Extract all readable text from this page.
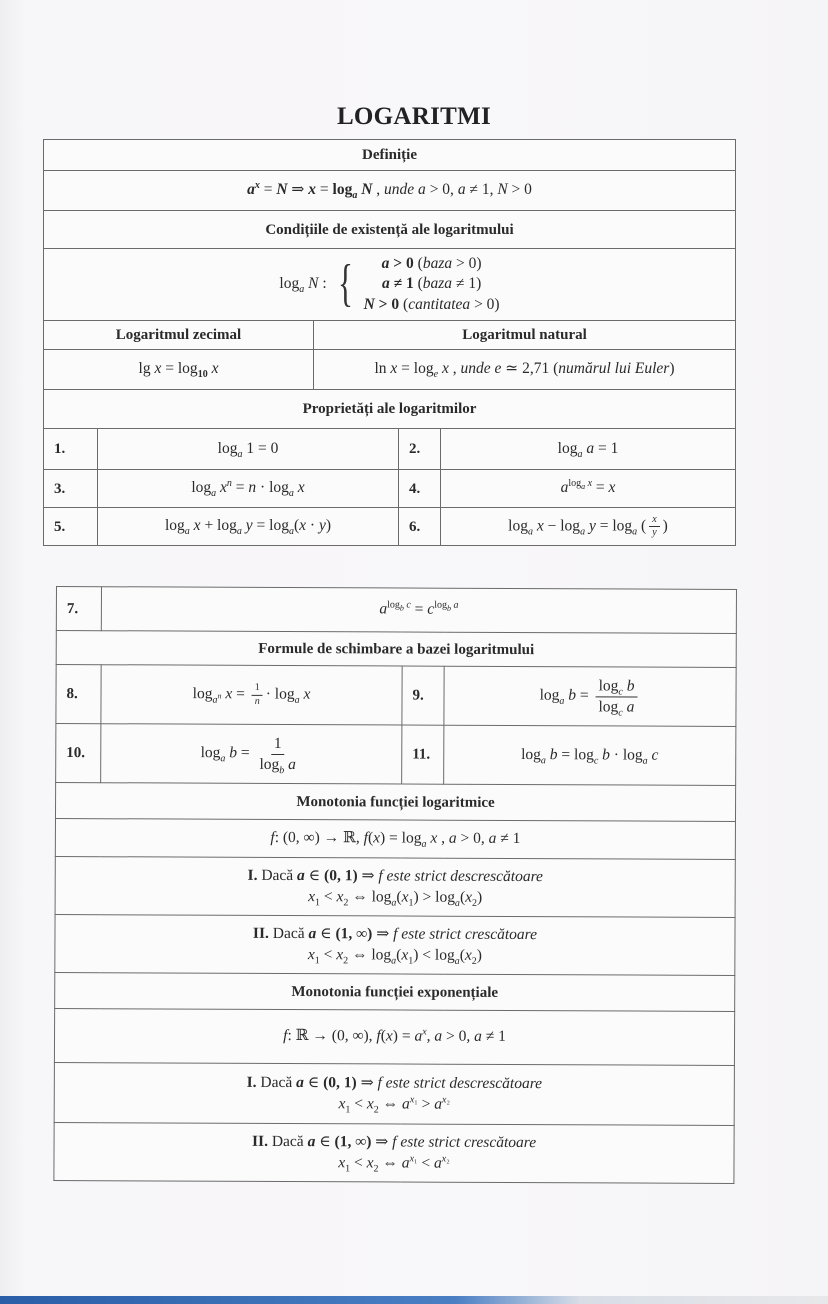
LOGARITMI
Definiție				
$a^x = N$ ⇒ $x = \log_a N$ , unde a > 0, a ≠ 1, N > 0				
Condițiile de existență ale logaritmului				

$\log_a N$ : { a > 0 (baza > 0)
a ≠ 1 (baza ≠ 1)
N > 0 (cantitatea > 0)				

Logaritmul zecimal		Logaritmul natural		
$\lg x = \log_{10} x$		$\ln x = \log_e x$ , unde e ≃ 2,71 (numărul lui Euler)		
Proprietăți ale logaritmilor				
1.	$\log_a 1 = 0$		2.	$\log_a a = 1$
3.	$\log_a x^n = n \cdot \log_a x$		4.	$a^{log_a x} = x$
5.	$\log_a x + \log_a y = \log_a(x \cdot y)$		6.	$\log_a x - \log_a y = \log_a$ ( $\frac{x}{y}$ )
7.	$a^{log_b c} = c^{log_b a}$
Formule de schimbare a bazei logaritmului			
8.	$\log_{a^n} x = \frac{1}{n} \cdot \log_a x$	9.	$\log_a b = \frac{\log_c b}{\log_c a}$

10.	$\log_a b = \frac{1}{\log_b a}$	11.	$\log_a b = \log_c b \cdot \log_a c$
Monotonia funcției logaritmice			
f: (0, ∞) → ℝ, $f(x) = \log_a x$ , a > 0, a ≠ 1			

I. Dacă a ∈ (0, 1) ⇒ f este strict descrescătoare
$x_1 < x_2$ ⇔ $\log_a(x_1) > \log_a(x_2)$			

II. Dacă a ∈ (1, ∞) ⇒ f este strict crescătoare
$x_1 < x_2$ ⇔ $\log_a(x_1) < \log_a(x_2)$			

Monotonia funcției exponențiale			
f: ℝ → (0, ∞), $f(x) = a^x$, a > 0, a ≠ 1			

I. Dacă a ∈ (0, 1) ⇒ f este strict descrescătoare
$x_1 < x_2$ ⇔ $a^{x_1} > a^{x_2}$

II. Dacă a ∈ (1, ∞) ⇒ f este strict crescătoare
$x_1 < x_2$ ⇔ $a^{x_1} < a^{x_2}$
